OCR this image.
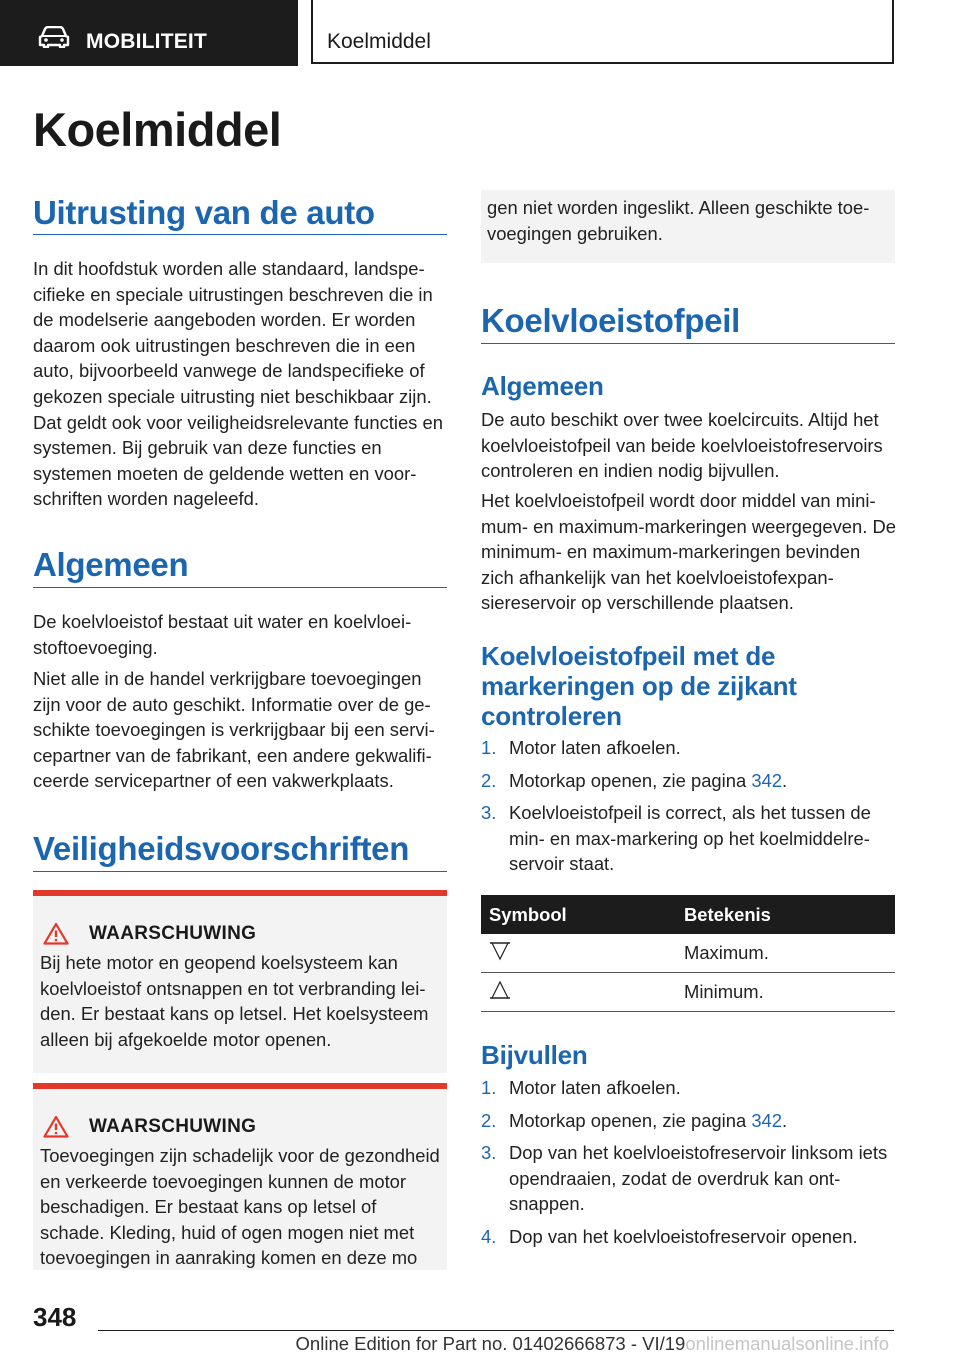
MOBILITEIT	Koelmiddel
Koelmiddel
Uitrusting van de auto

In dit hoofdstuk worden alle standaard, landspecifieke en speciale uitrustingen beschreven die in de modelserie aangeboden worden. Er worden daarom ook uitrustingen beschreven die in een auto, bijvoorbeeld vanwege de landspecifieke of gekozen speciale uitrusting niet beschikbaar zijn. Dat geldt ook voor veiligheidsrelevante functies en systemen. Bij gebruik van deze functies en systemen moeten de geldende wetten en voorschriften worden nageleefd.

Algemeen

De koelvloeistof bestaat uit water en koelvloeistoftoevoeging.

Niet alle in de handel verkrijgbare toevoegingen zijn voor de auto geschikt. Informatie over de geschikte toevoegingen is verkrijgbaar bij een servicepartner van de fabrikant, een andere gekwalificeerde servicepartner of een vakwerkplaats.

Veiligheidsvoorschriften
WAARSCHUWING

Bij hete motor en geopend koelsysteem kan koelvloeistof ontsnappen en tot verbranding leiden. Er bestaat kans op letsel. Het koelsysteem alleen bij afgekoelde motor openen.

WAARSCHUWING

Toevoegingen zijn schadelijk voor de gezondheid en verkeerde toevoegingen kunnen de motor beschadigen. Er bestaat kans op letsel of schade. Kleding, huid of ogen mogen niet met toevoegingen in aanraking komen en deze mo

gen niet worden ingeslikt. Alleen geschikte toevoegingen gebruiken.

Koelvloeistofpeil
Algemeen

De auto beschikt over twee koelcircuits. Altijd het koelvloeistofpeil van beide koelvloeistofreservoirs controleren en indien nodig bijvullen.

Het koelvloeistofpeil wordt door middel van minimum- en maximum-markeringen weergegeven. De minimum- en maximum-markeringen bevinden zich afhankelijk van het koelvloeistofexpansiereservoir op verschillende plaatsen.

Koelvloeistofpeil met de markeringen op de zijkant controleren
1. Motor laten afkoelen.
2. Motorkap openen, zie pagina 342.
3. Koelvloeistofpeil is correct, als het tussen de min- en max-markering op het koelmiddelreservoir staat.
Symbool	Betekenis
	Maximum.
	Minimum.
Bijvullen
1. Motor laten afkoelen.
2. Motorkap openen, zie pagina 342.
3. Dop van het koelvloeistofreservoir linksom iets opendraaien, zodat de overdruk kan ontsnappen.
4. Dop van het koelvloeistofreservoir openen.
348
Online Edition for Part no. 01402666873 - VI/19onlinemanualsonline.info
